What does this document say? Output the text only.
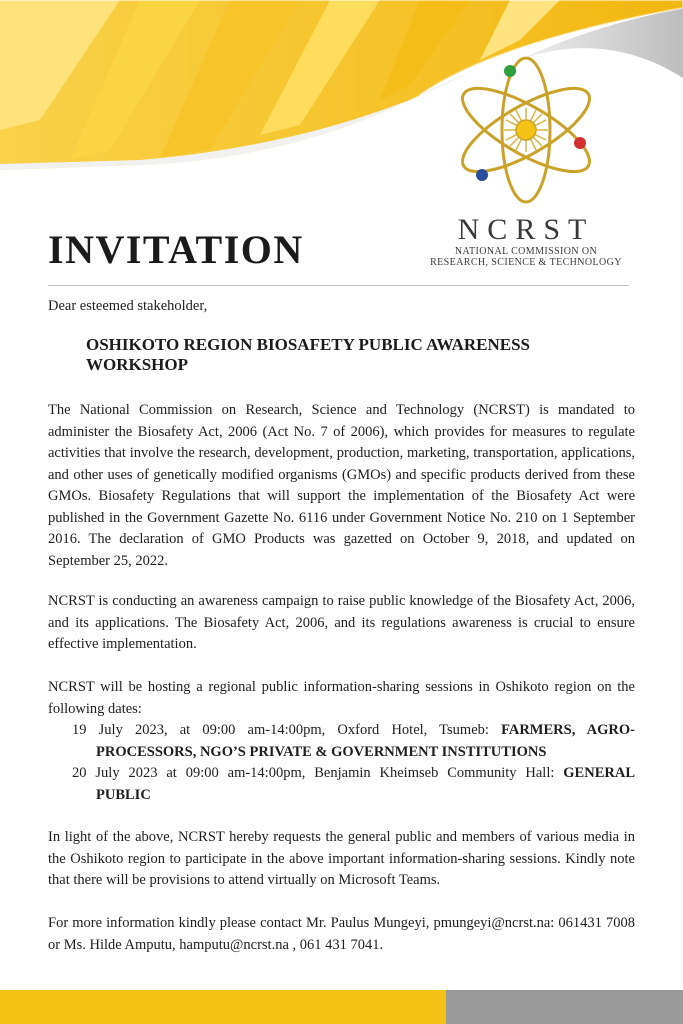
NCRST
NATIONAL COMMISSION ON
RESEARCH, SCIENCE & TECHNOLOGY
INVITATION
Dear esteemed stakeholder,
OSHIKOTO REGION BIOSAFETY PUBLIC AWARENESS WORKSHOP
The National Commission on Research, Science and Technology (NCRST) is mandated to administer the Biosafety Act, 2006 (Act No. 7 of 2006), which provides for measures to regulate activities that involve the research, development, production, marketing, transportation, applications, and other uses of genetically modified organisms (GMOs) and specific products derived from these GMOs. Biosafety Regulations that will support the implementation of the Biosafety Act were published in the Government Gazette No. 6116 under Government Notice No. 210 on 1 September 2016. The declaration of GMO Products was gazetted on October 9, 2018, and updated on September 25, 2022.
NCRST is conducting an awareness campaign to raise public knowledge of the Biosafety Act, 2006, and its applications. The Biosafety Act, 2006, and its regulations awareness is crucial to ensure effective implementation.
NCRST will be hosting a regional public information-sharing sessions in Oshikoto region on the following dates:
19 July 2023, at 09:00 am-14:00pm, Oxford Hotel, Tsumeb: FARMERS, AGRO-PROCESSORS, NGO’S PRIVATE & GOVERNMENT INSTITUTIONS
20 July 2023 at 09:00 am-14:00pm, Benjamin Kheimseb Community Hall: GENERAL PUBLIC
In light of the above, NCRST hereby requests the general public and members of various media in the Oshikoto region to participate in the above important information-sharing sessions. Kindly note that there will be provisions to attend virtually on Microsoft Teams.
For more information kindly please contact Mr. Paulus Mungeyi, pmungeyi@ncrst.na: 061431 7008 or Ms. Hilde Amputu, hamputu@ncrst.na , 061 431 7041.
